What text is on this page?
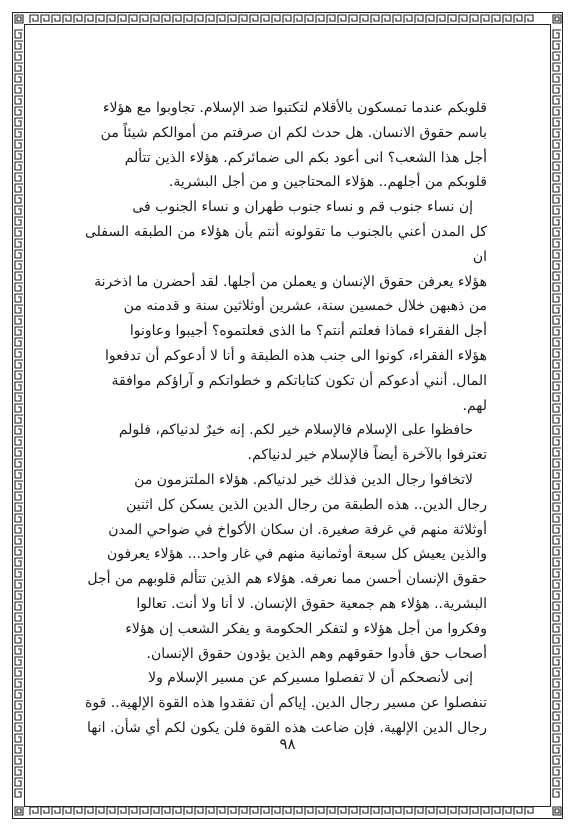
قلوبكم عندما تمسكون بالأقلام لتكتبوا ضد الإسلام. تجاوبوا مع هؤلاء
باسم حقوق الانسان. هل حدث لكم ان صرفتم من أموالكم شيئاً من
أجل هذا الشعب؟ انى أعود بكم الى ضمائركم. هؤلاء الذين تتألم
قلوبكم من أجلهم.. هؤلاء المحتاجين و من أجل البشرية.

إن نساء جنوب قم و نساء جنوب طهران و نساء الجنوب فى
كل المدن أعني بالجنوب ما تقولونه أنتم بأن هؤلاء من الطبقه السفلى ان
هؤلاء يعرفن حقوق الإنسان و يعملن من أجلها. لقد أحضرن ما اذخرنة
من ذهبهن خلال خمسين سنة، عشرين أوثلاثين سنة و قدمنه من
أجل الفقراء فماذا فعلتم أنتم؟ ما الذى فعلتموه؟ أجيبوا وعاونوا
هؤلاء الفقراء، كونوا الى جنب هذه الطبقة و أنا لا أدعوكم أن تدفعوا
المال. أنني أدعوكم أن تكون كتاباتكم و خطواتكم و آراؤكم موافقة
لهم.

حافظوا على الإسلام فالإسلام خير لكم. إنه خيرٌ لدنياكم، فلولم
تعترفوا بالآخرة أيضاً فالإسلام خير لدنياكم.

لاتخافوا رجال الدين فذلك خير لدنياكم. هؤلاء الملتزمون من
رجال الدين.. هذه الطبقة من رجال الدين الذين يسكن كل اثنين
أوثلاثة منهم في غرفة صغيرة. ان سكان الأكواخ في ضواحي المدن
والذين يعيش كل سبعة أوثمانية منهم في غار واحد... هؤلاء يعرفون
حقوق الإنسان أحسن مما نعرفه. هؤلاء هم الذين تتألم قلوبهم من أجل
البشرية.. هؤلاء هم جمعية حقوق الإنسان. لا أنا ولا أنت. تعالوا
وفكروا من أجل هؤلاء و لتفكر الحكومة و يفكر الشعب إن هؤلاء
أصحاب حق فأدوا حقوقهم وهم الذين يؤدون حقوق الإنسان.

إنى لأنصحكم أن لا تفصلوا مسيركم عن مسير الإسلام ولا
تنفصلوا عن مسير رجال الدين. إياكم أن تفقدوا هذه القوة الإلهية.. قوة
رجال الدين الإلهية. فإن ضاعت هذه القوة فلن يكون لكم أي شأن. انها

٩٨
